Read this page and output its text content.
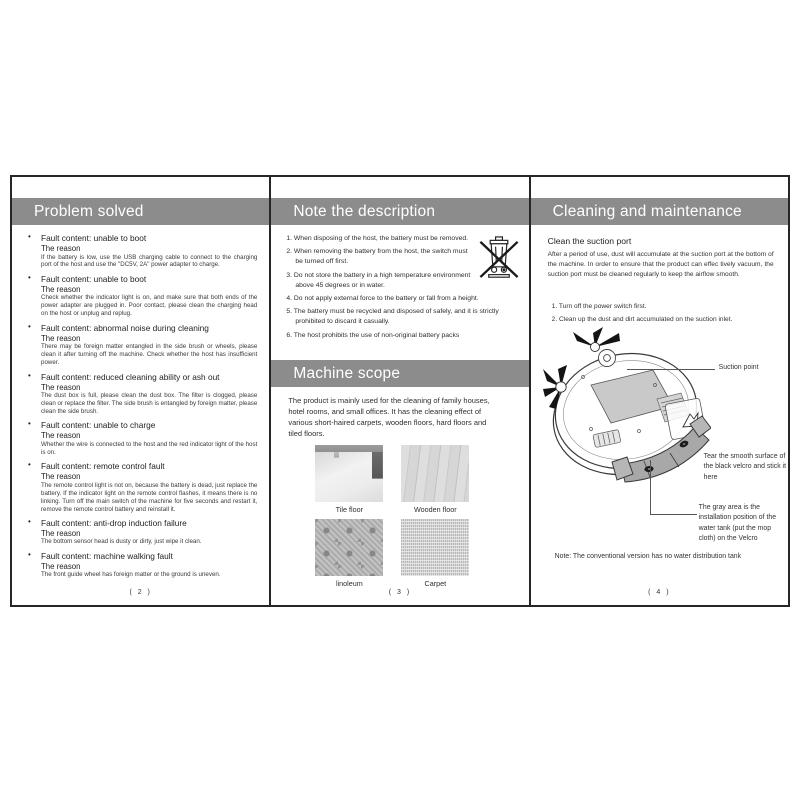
Problem solved
• Fault content: unable to boot
The reason
If the battery is low, use the USB charging cable to connect to the charging port of the host and use the "DC5V, 2A" power adapter to charge.
• Fault content: unable to boot
The reason
Check whether the indicator light is on, and make sure that both ends of the power adapter are plugged in. Poor contact, please clean the charging head on the host or unplug and replug.
• Fault content: abnormal noise during cleaning
The reason
There may be foreign matter entangled in the side brush or wheels, please clean it after turning off the machine. Check whether the host has insufficient power.
• Fault content: reduced cleaning ability or ash out
The reason
The dust box is full, please clean the dust box. The filter is clogged, please clean or replace the filter. The side brush is entangled by foreign matter, please clean the side brush.
• Fault content: unable to charge
The reason
Whether the wire is connected to the host and the red indicator light of the host is on.
• Fault content: remote control fault
The reason
The remote control light is not on, because the battery is dead, just replace the battery. If the indicator light on the remote control flashes, it means there is no linking. Turn off the main switch of the machine for five seconds and restart it, remove the remote control battery and reinstall it.
• Fault content: anti-drop induction failure
The reason
The bottom sensor head is dusty or dirty, just wipe it clean.
• Fault content: machine walking fault
The reason
The front guide wheel has foreign matter or the ground is uneven.
( 2 )
Note the description
1. When disposing of the host, the battery must be removed.
2. When removing the battery from the host, the switch must be turned off first.
3. Do not store the battery in a high temperature environment above 45 degrees or in water.
4. Do not apply external force to the battery or fall from a height.
5. The battery must be recycled and disposed of safely, and it is strictly prohibited to discard it casually.
6. The host prohibits the use of non-original battery packs
Machine scope
The product is mainly used for the cleaning of family houses, hotel rooms, and small offices. It has the cleaning effect of various short-haired carpets, wooden floors, hard floors and tiled floors.
Tile floor	Wooden floor
linoleum	Carpet
( 3 )
Cleaning and maintenance
Clean the suction port
After a period of use, dust will accumulate at the suction port at the bottom of the machine. In order to ensure that the product can effec tively vacuum, the suction port must be cleaned regularly to keep the airflow smooth.
1. Turn off the power switch first.
2. Clean up the dust and dirt accumulated on the suction inlet.
Suction point
Tear the smooth surface of the black velcro and stick it here
The gray area is the installation position of the water tank (put the mop cloth) on the Velcro
Note: The conventional version has no water distribution tank
( 4 )
